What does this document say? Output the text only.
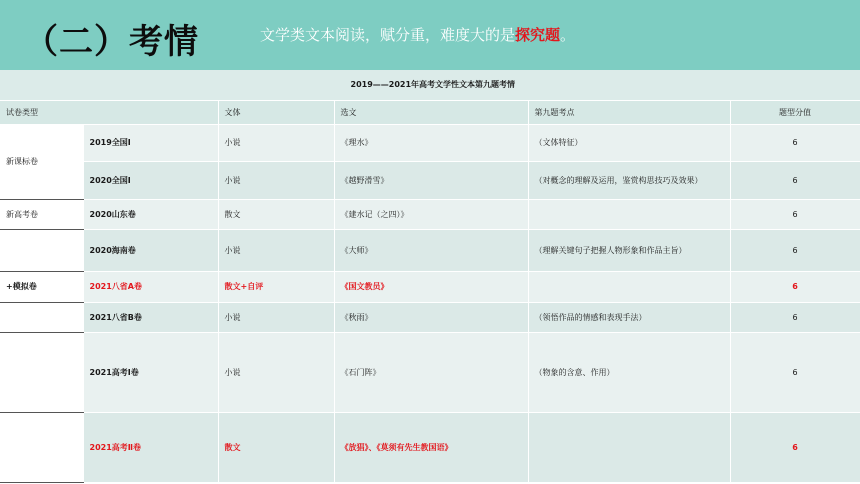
（二）考情	文学类文本阅读，赋分重，难度大的是探究题。
2019——2021年高考文学性文本第九题考情					
试卷类型		文体	选文	第九题考点	题型分值
新课标卷	2019全国Ⅰ	小说	《理水》	（文体特征）	6
	2020全国Ⅰ	小说	《越野滑雪》	（对概念的理解及运用，鉴赏构思技巧及效果）	6
新高考卷	2020山东卷	散文	《建水记（之四）》		6
	2020海南卷	小说	《大师》	（理解关键句子把握人物形象和作品主旨）	6
+模拟卷	2021八省A卷	散文+自评	《国文教员》		6
	2021八省B卷	小说	《秋雨》	（领悟作品的情感和表现手法）	6
	2021高考Ⅰ卷	小说	《石门阵》	（物象的含意、作用）	6
	2021高考Ⅱ卷	散文	《放猖》、《莫须有先生教国语》		6
